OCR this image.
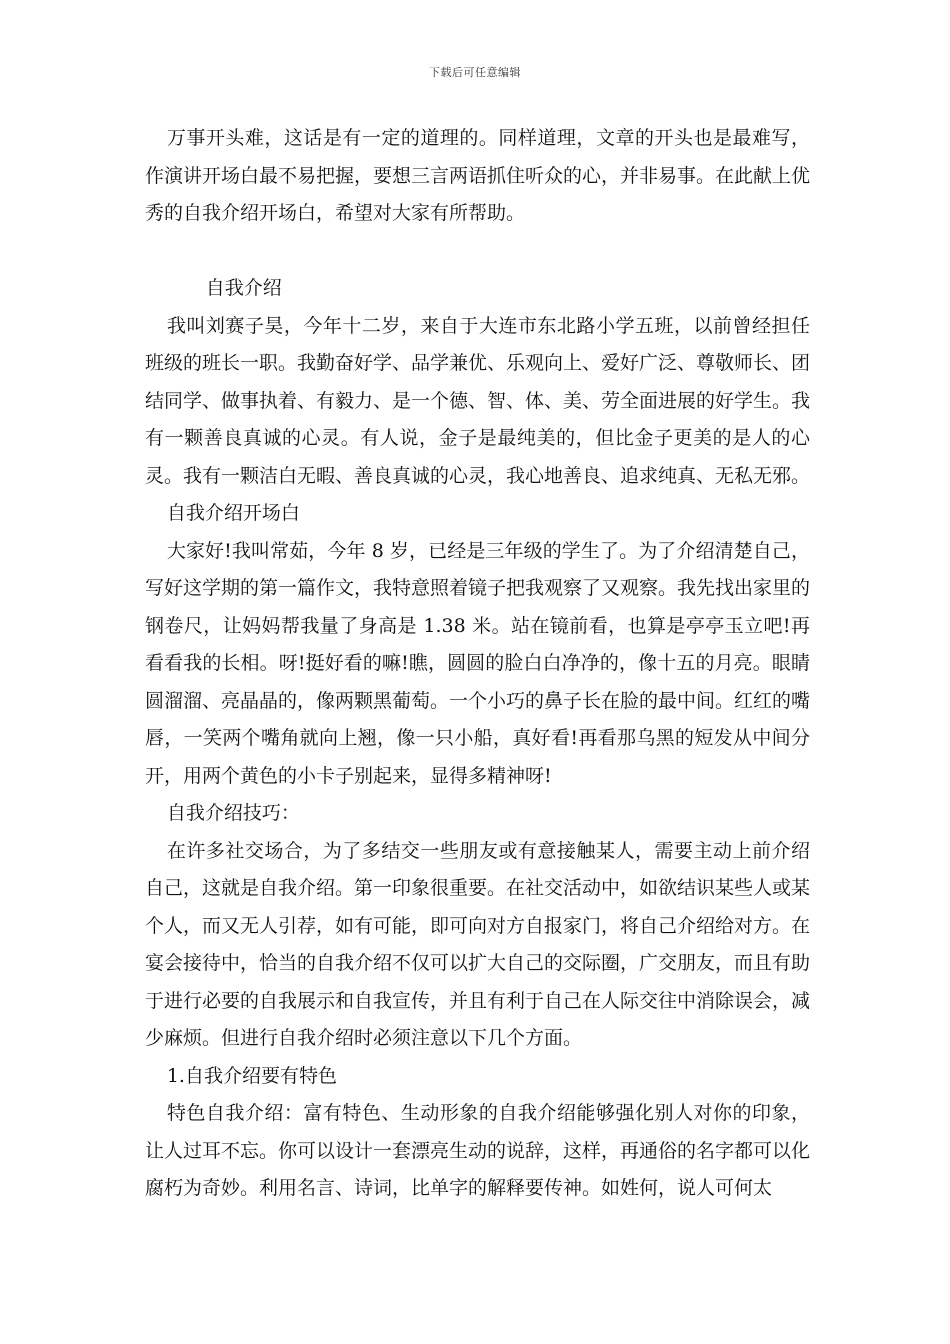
下载后可任意编辑

万事开头难，这话是有一定的道理的。同样道理，文章的开头也是最难写，作演讲开场白最不易把握，要想三言两语抓住听众的心，并非易事。在此献上优秀的自我介绍开场白，希望对大家有所帮助。

自我介绍

我叫刘赛子昊，今年十二岁，来自于大连市东北路小学五班，以前曾经担任班级的班长一职。我勤奋好学、品学兼优、乐观向上、爱好广泛、尊敬师长、团结同学、做事执着、有毅力、是一个德、智、体、美、劳全面进展的好学生。我有一颗善良真诚的心灵。有人说，金子是最纯美的，但比金子更美的是人的心灵。我有一颗洁白无暇、善良真诚的心灵，我心地善良、追求纯真、无私无邪。

自我介绍开场白

大家好!我叫常茹，今年 8 岁，已经是三年级的学生了。为了介绍清楚自己，写好这学期的第一篇作文，我特意照着镜子把我观察了又观察。我先找出家里的钢卷尺，让妈妈帮我量了身高是 1.38 米。站在镜前看，也算是亭亭玉立吧!再看看我的长相。呀!挺好看的嘛!瞧，圆圆的脸白白净净的，像十五的月亮。眼睛圆溜溜、亮晶晶的，像两颗黑葡萄。一个小巧的鼻子长在脸的最中间。红红的嘴唇，一笑两个嘴角就向上翘，像一只小船，真好看!再看那乌黑的短发从中间分开，用两个黄色的小卡子别起来，显得多精神呀!

自我介绍技巧：

在许多社交场合，为了多结交一些朋友或有意接触某人，需要主动上前介绍自己，这就是自我介绍。第一印象很重要。在社交活动中，如欲结识某些人或某个人，而又无人引荐，如有可能，即可向对方自报家门，将自己介绍给对方。在宴会接待中，恰当的自我介绍不仅可以扩大自己的交际圈，广交朋友，而且有助于进行必要的自我展示和自我宣传，并且有利于自己在人际交往中消除误会，减少麻烦。但进行自我介绍时必须注意以下几个方面。

1.自我介绍要有特色

特色自我介绍：富有特色、生动形象的自我介绍能够强化别人对你的印象，让人过耳不忘。你可以设计一套漂亮生动的说辞，这样，再通俗的名字都可以化腐朽为奇妙。利用名言、诗词，比单字的解释要传神。如姓何，说人可何太
